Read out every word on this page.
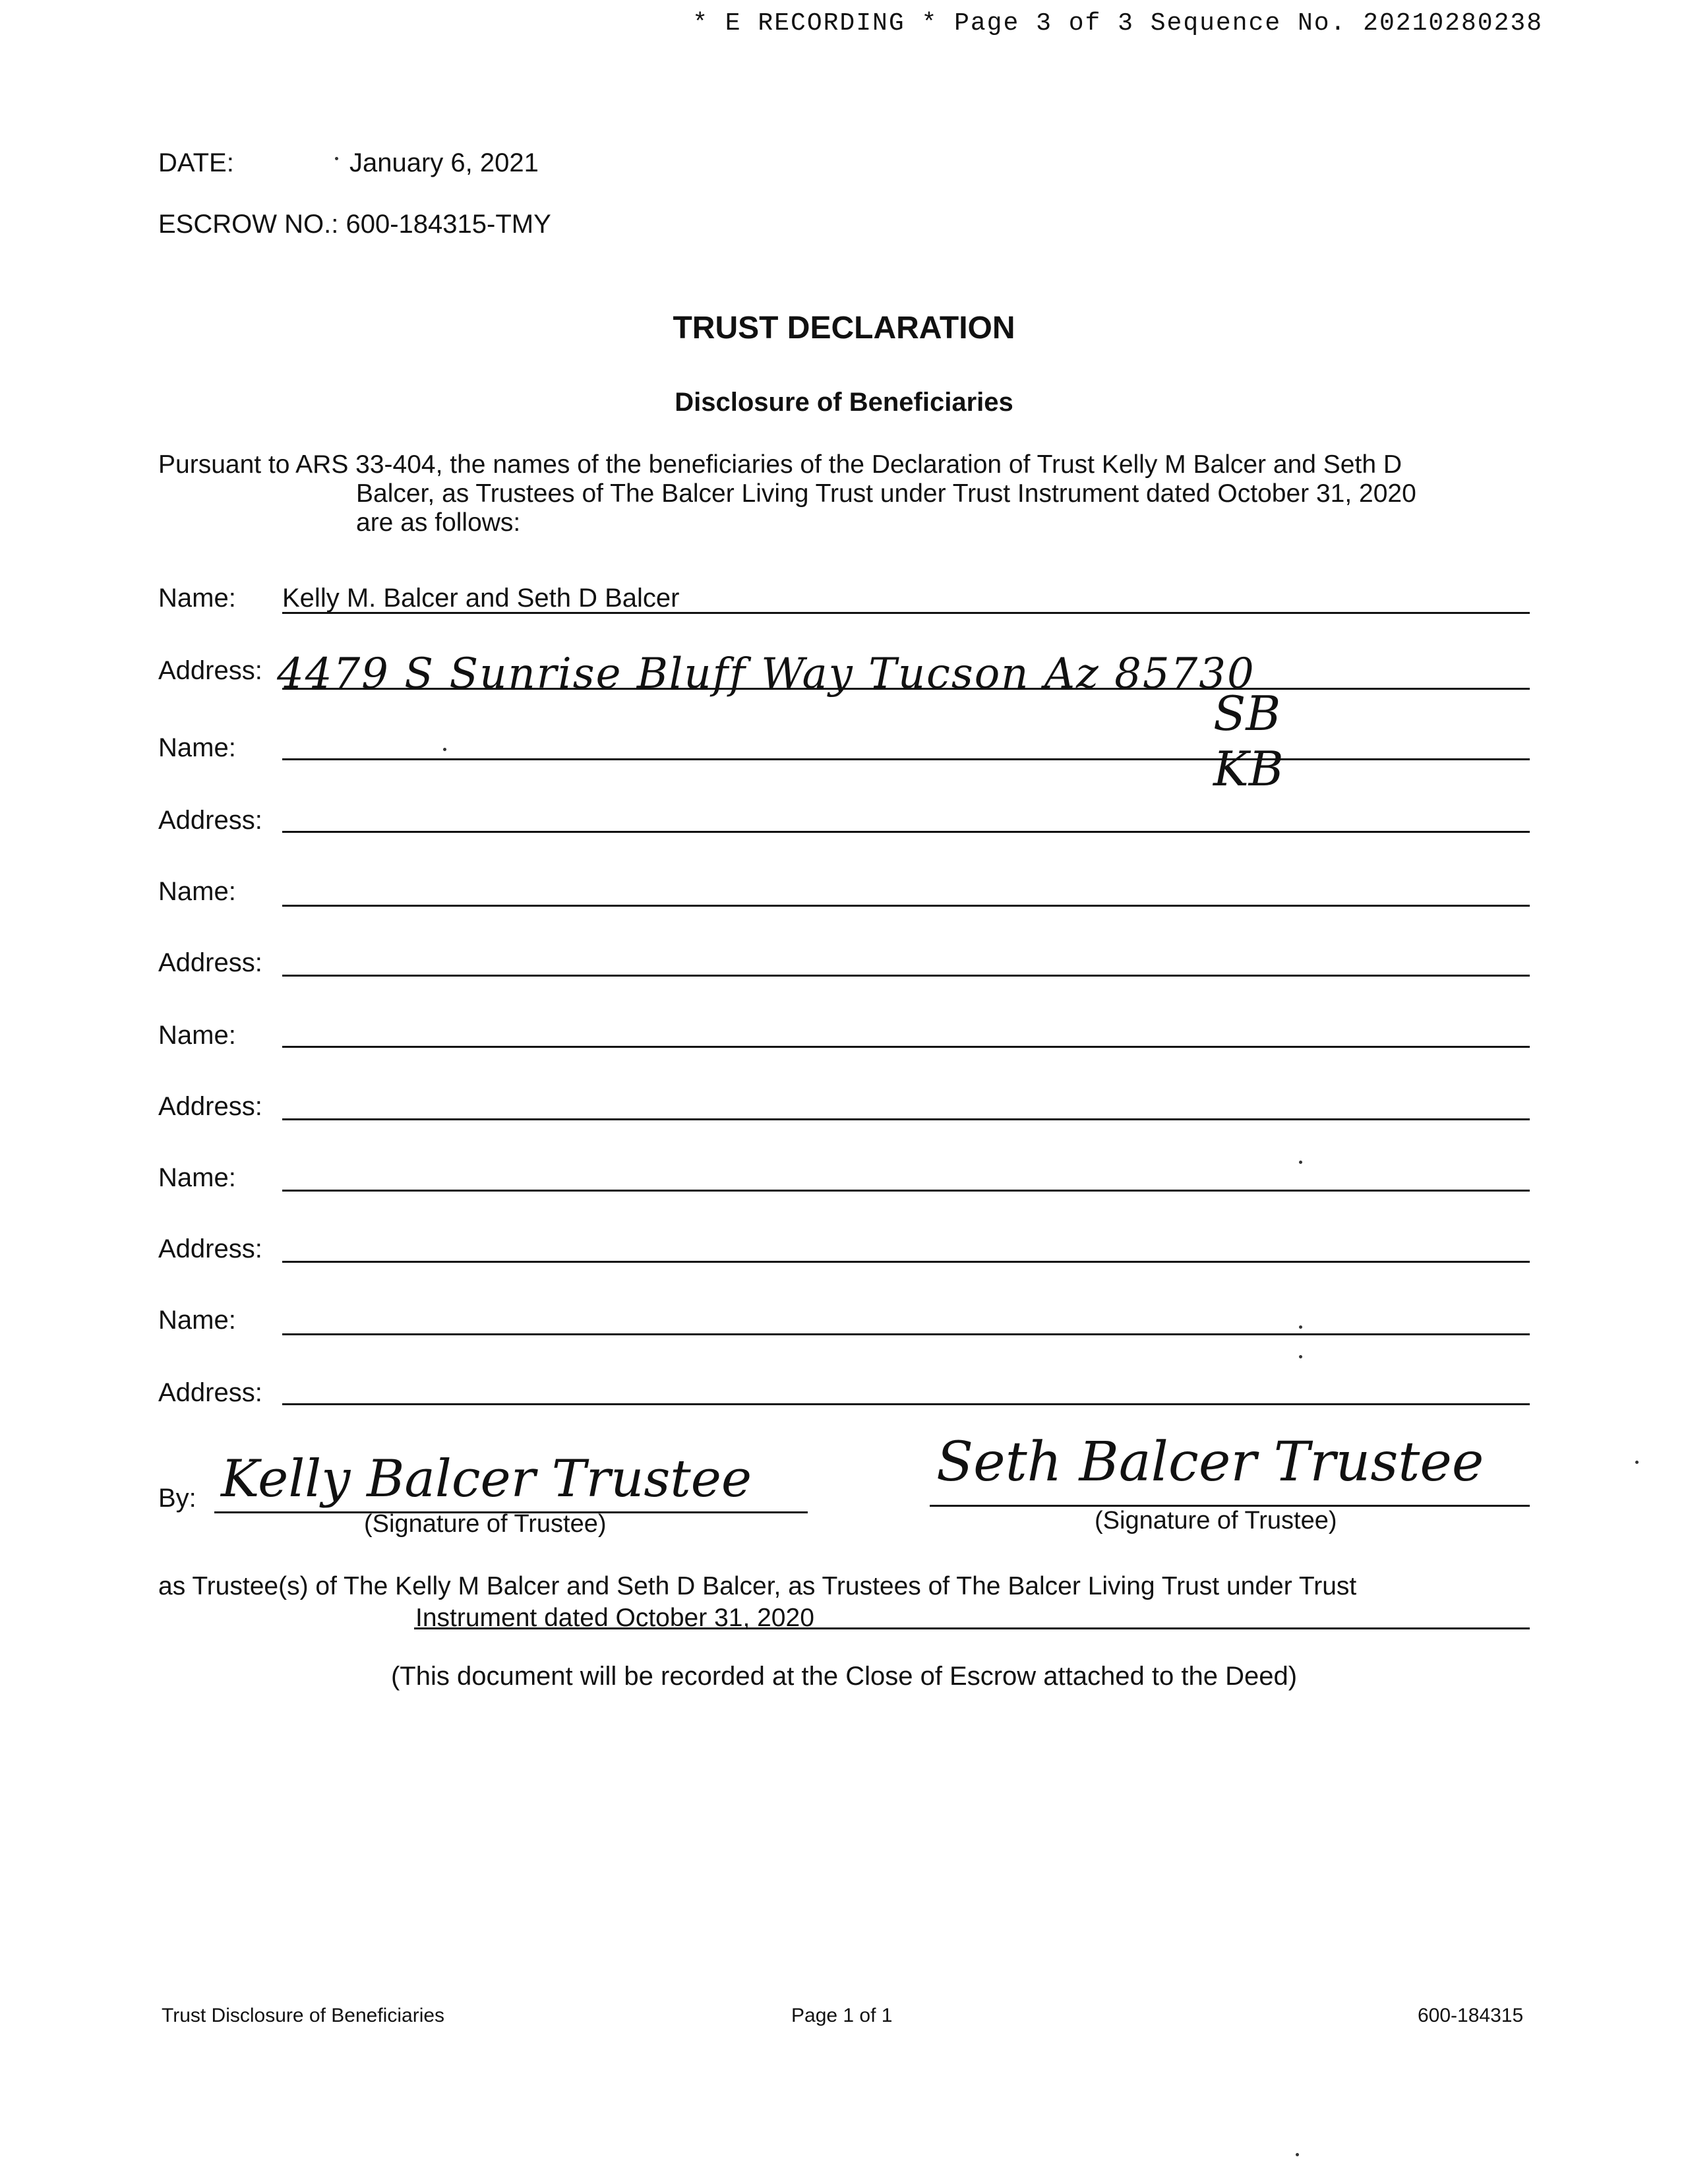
* E RECORDING * Page 3 of 3 Sequence No. 20210280238
DATE:	January 6, 2021
ESCROW NO.: 600-184315-TMY
TRUST DECLARATION
Disclosure of Beneficiaries
Pursuant to ARS 33-404, the names of the beneficiaries of the Declaration of Trust Kelly M Balcer and Seth D
Balcer, as Trustees of The Balcer Living Trust under Trust Instrument dated October 31, 2020
are as follows:
Name: Kelly M. Balcer and Seth D Balcer
Address: 4479 S Sunrise Bluff Way Tucson Az 85730
SB
KB
Name:
Address:
Name:
Address:
Name:
Address:
Name:
Address:
Name:
Address:
By: Kelly Balcer Trustee
(Signature of Trustee)
Seth Balcer Trustee
(Signature of Trustee)
as Trustee(s) of The Kelly M Balcer and Seth D Balcer, as Trustees of The Balcer Living Trust under Trust
Instrument dated October 31, 2020
(This document will be recorded at the Close of Escrow attached to the Deed)
Trust Disclosure of Beneficiaries	Page 1 of 1	600-184315
